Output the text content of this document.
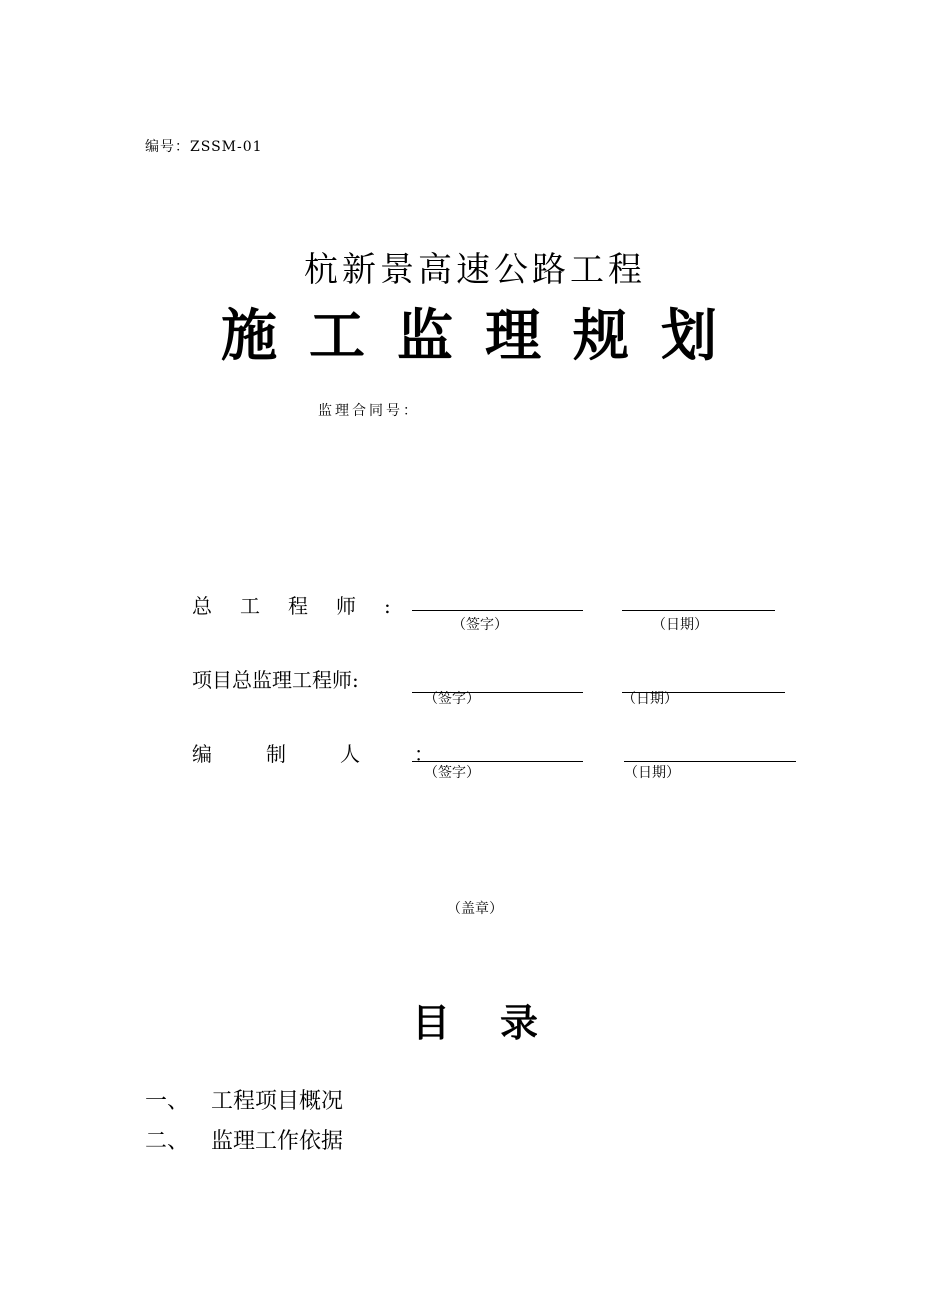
编号：ZSSM-01
杭新景高速公路工程
施工监理规划
监理合同号：
总工程师:
（签字）	（日期）
项目总监理工程师:
（签字）	（日期）
编制人：
（签字）	（日期）
（盖章）
目录
一、 工程项目概况
二、 监理工作依据
